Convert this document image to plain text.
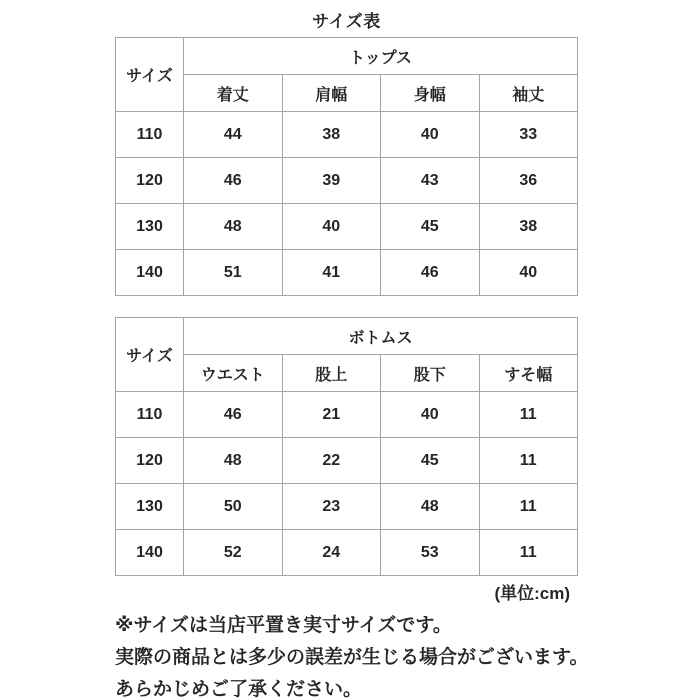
サイズ表
サイズ	トップス			
	着丈	肩幅	身幅	袖丈
110	44	38	40	33
120	46	39	43	36
130	48	40	45	38
140	51	41	46	40
サイズ	ボトムス			
	ウエスト	股上	股下	すそ幅
110	46	21	40	11
120	48	22	45	11
130	50	23	48	11
140	52	24	53	11
(単位:cm)
※サイズは当店平置き実寸サイズです。
実際の商品とは多少の誤差が生じる場合がございます。
あらかじめご了承ください。
